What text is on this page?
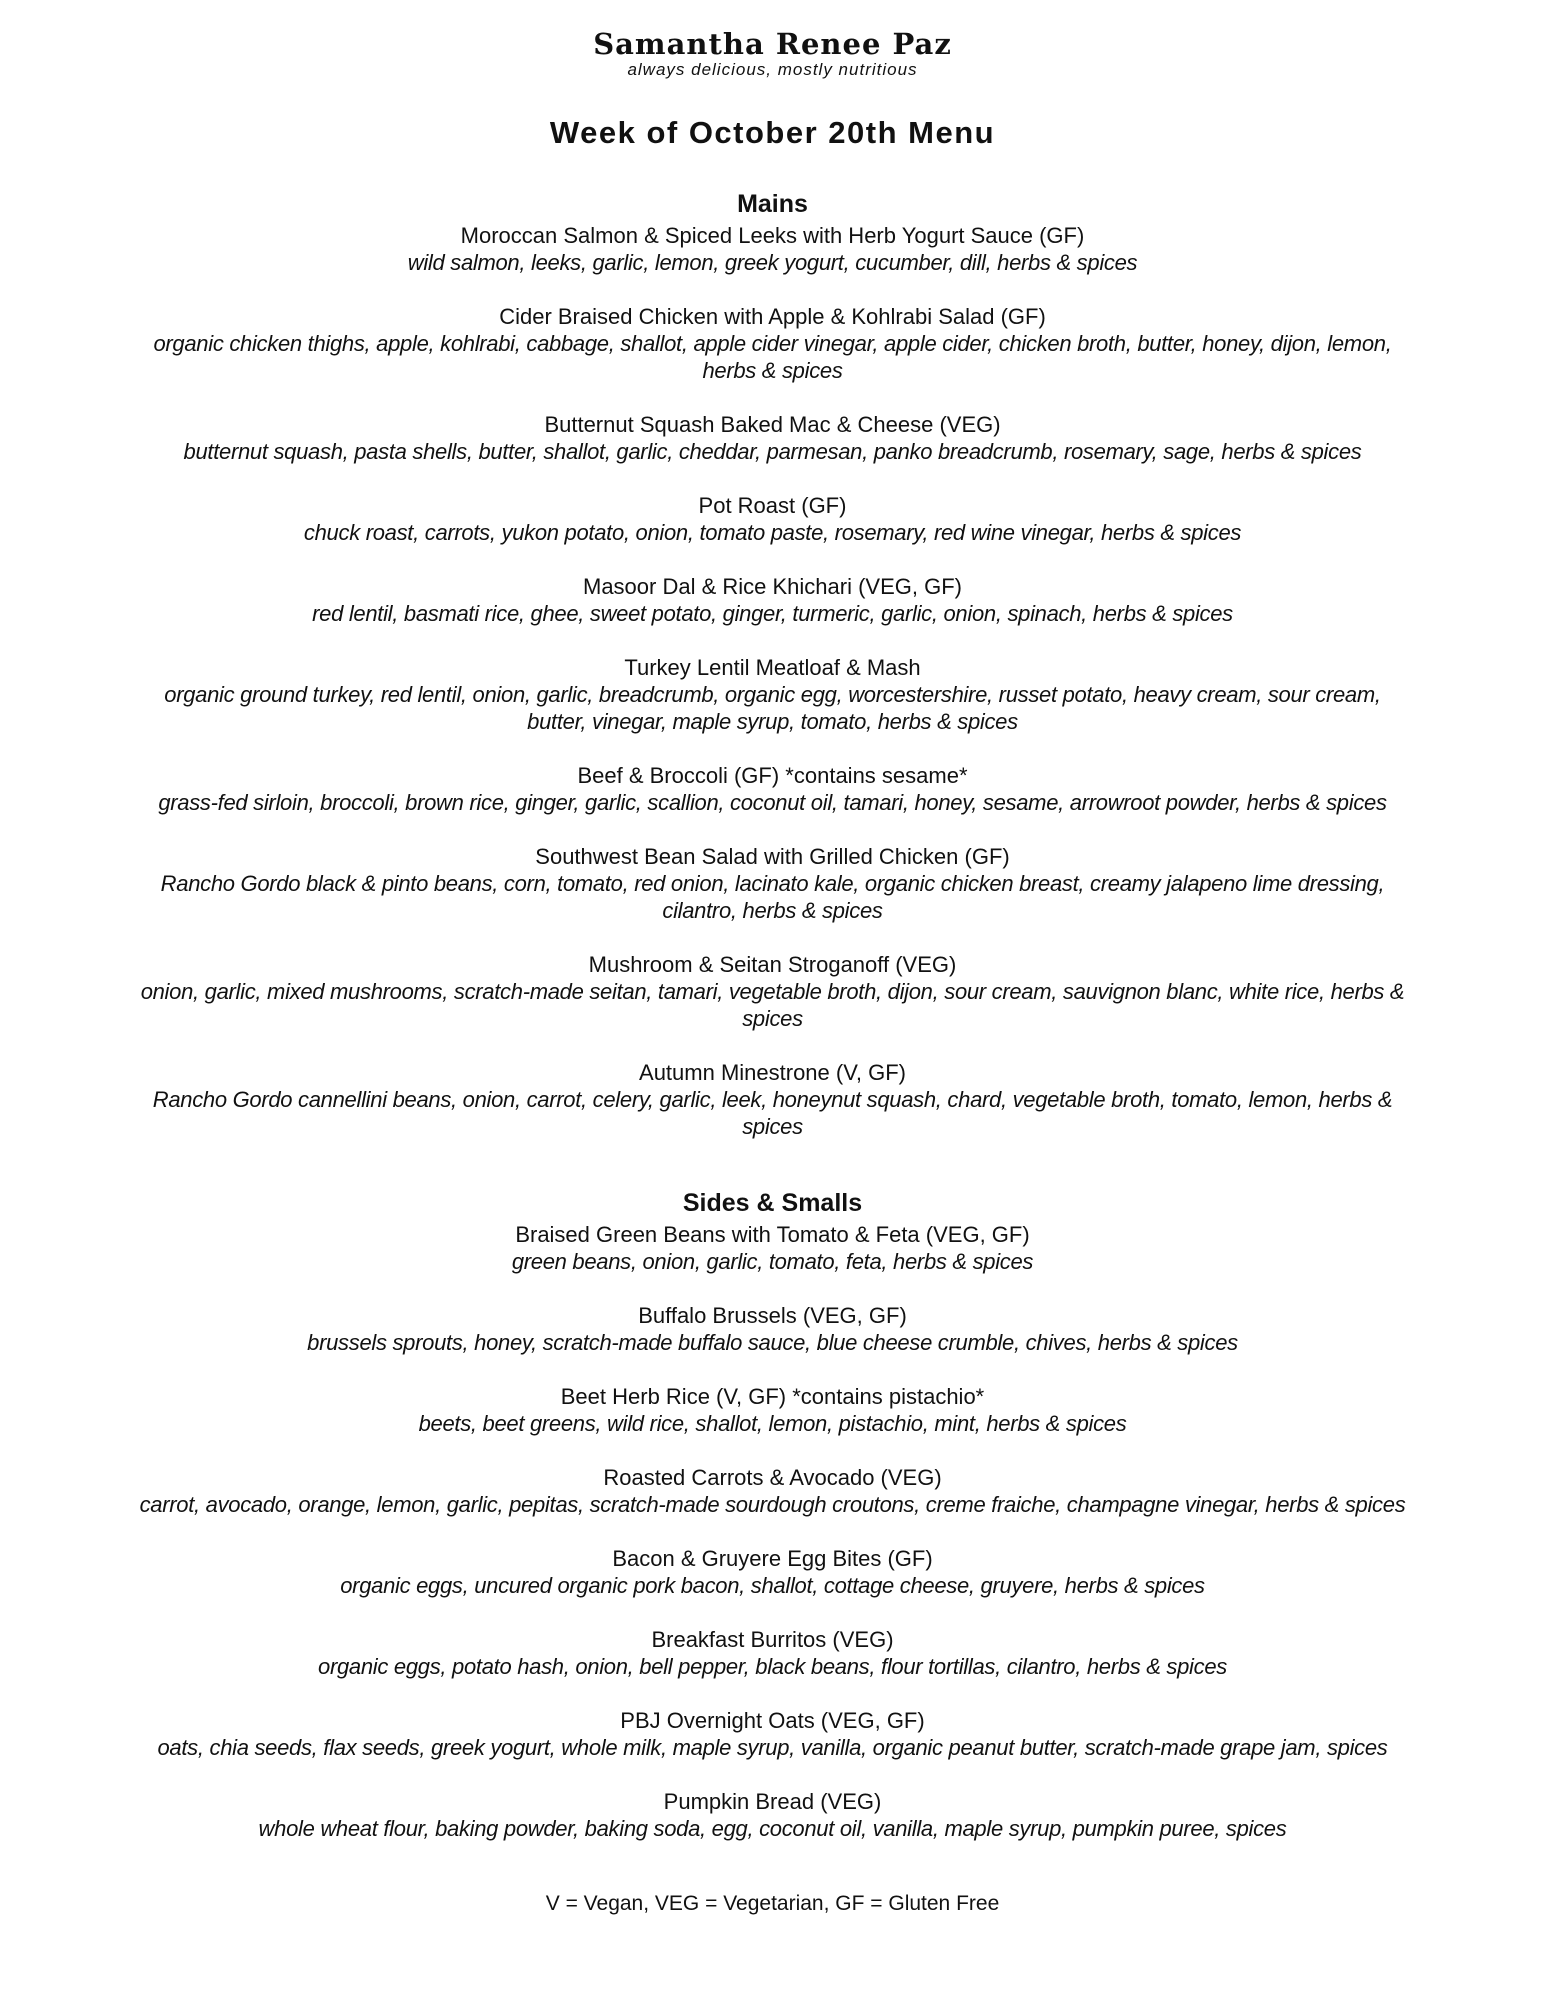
Samantha Renee Paz
always delicious, mostly nutritious
Week of October 20th Menu
Mains
Moroccan Salmon & Spiced Leeks with Herb Yogurt Sauce (GF)
wild salmon, leeks, garlic, lemon, greek yogurt, cucumber, dill, herbs & spices
Cider Braised Chicken with Apple & Kohlrabi Salad (GF)
organic chicken thighs, apple, kohlrabi, cabbage, shallot, apple cider vinegar, apple cider, chicken broth, butter, honey, dijon, lemon,
herbs & spices
Butternut Squash Baked Mac & Cheese (VEG)
butternut squash, pasta shells, butter, shallot, garlic, cheddar, parmesan, panko breadcrumb, rosemary, sage, herbs & spices
Pot Roast (GF)
chuck roast, carrots, yukon potato, onion, tomato paste, rosemary, red wine vinegar, herbs & spices
Masoor Dal & Rice Khichari (VEG, GF)
red lentil, basmati rice, ghee, sweet potato, ginger, turmeric, garlic, onion, spinach, herbs & spices
Turkey Lentil Meatloaf & Mash
organic ground turkey, red lentil, onion, garlic, breadcrumb, organic egg, worcestershire, russet potato, heavy cream, sour cream,
butter, vinegar, maple syrup, tomato, herbs & spices
Beef & Broccoli (GF) *contains sesame*
grass-fed sirloin, broccoli, brown rice, ginger, garlic, scallion, coconut oil, tamari, honey, sesame, arrowroot powder, herbs & spices
Southwest Bean Salad with Grilled Chicken (GF)
Rancho Gordo black & pinto beans, corn, tomato, red onion, lacinato kale, organic chicken breast, creamy jalapeno lime dressing,
cilantro, herbs & spices
Mushroom & Seitan Stroganoff (VEG)
onion, garlic, mixed mushrooms, scratch-made seitan, tamari, vegetable broth, dijon, sour cream, sauvignon blanc, white rice, herbs &
spices
Autumn Minestrone (V, GF)
Rancho Gordo cannellini beans, onion, carrot, celery, garlic, leek, honeynut squash, chard, vegetable broth, tomato, lemon, herbs &
spices
Sides & Smalls
Braised Green Beans with Tomato & Feta (VEG, GF)
green beans, onion, garlic, tomato, feta, herbs & spices
Buffalo Brussels (VEG, GF)
brussels sprouts, honey, scratch-made buffalo sauce, blue cheese crumble, chives, herbs & spices
Beet Herb Rice (V, GF) *contains pistachio*
beets, beet greens, wild rice, shallot, lemon, pistachio, mint, herbs & spices
Roasted Carrots & Avocado (VEG)
carrot, avocado, orange, lemon, garlic, pepitas, scratch-made sourdough croutons, creme fraiche, champagne vinegar, herbs & spices
Bacon & Gruyere Egg Bites (GF)
organic eggs, uncured organic pork bacon, shallot, cottage cheese, gruyere, herbs & spices
Breakfast Burritos (VEG)
organic eggs, potato hash, onion, bell pepper, black beans, flour tortillas, cilantro, herbs & spices
PBJ Overnight Oats (VEG, GF)
oats, chia seeds, flax seeds, greek yogurt, whole milk, maple syrup, vanilla, organic peanut butter, scratch-made grape jam, spices
Pumpkin Bread (VEG)
whole wheat flour, baking powder, baking soda, egg, coconut oil, vanilla, maple syrup, pumpkin puree, spices
V = Vegan, VEG = Vegetarian, GF = Gluten Free
